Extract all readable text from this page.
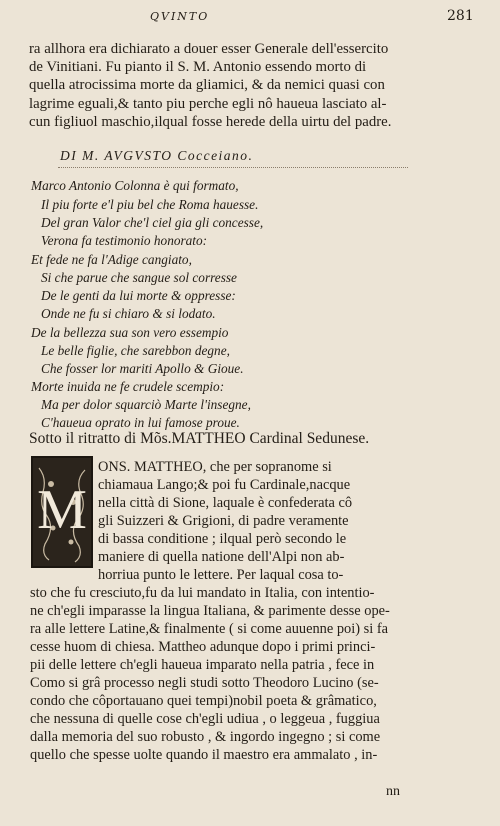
QVINTO	281
ra allhora era dichiarato a douer esser Generale dell'essercito
de Vinitiani. Fu pianto il S. M. Antonio essendo morto di
quella atrocissima morte da gliamici, & da nemici quasi con
lagrime eguali,& tanto piu perche egli nô haueua lasciato al-
cun figliuol maschio,ilqual fosse herede della uirtu del padre.
DI M. AVGVSTO Cocceiano.
Marco Antonio Colonna è qui formato,
Il piu forte e'l piu bel che Roma hauesse.
Del gran Valor che'l ciel gia gli concesse,
Verona fa testimonio honorato:
Et fede ne fa l'Adige cangiato,
Si che parue che sangue sol corresse
De le genti da lui morte & oppresse:
Onde ne fu si chiaro & si lodato.
De la bellezza sua son vero essempio
Le belle figlie, che sarebbon degne,
Che fosser lor mariti Apollo & Gioue.
Morte inuida ne fe crudele scempio:
Ma per dolor squarciò Marte l'insegne,
C'haueua oprato in lui famose proue.
Sotto il ritratto di Mõs.MATTHEO Cardinal Sedunese.
M
ONS. MATTHEO, che per sopranome si
chiamaua Lango;& poi fu Cardinale,nacque
nella città di Sione, laquale è confederata cô
gli Suizzeri & Grigioni, di padre veramente
di bassa conditione ; ilqual però secondo le
maniere di quella natione dell'Alpi non ab-
horriua punto le lettere. Per laqual cosa to-
sto che fu cresciuto,fu da lui mandato in Italia, con intentio-
ne ch'egli imparasse la lingua Italiana, & parimente desse ope-
ra alle lettere Latine,& finalmente ( si come auuenne poi) si fa
cesse huom di chiesa. Mattheo adunque dopo i primi princi-
pii delle lettere ch'egli haueua imparato nella patria , fece in
Como si grâ processo negli studi sotto Theodoro Lucino (se-
condo che côportauano quei tempi)nobil poeta & grâmatico,
che nessuna di quelle cose ch'egli udiua , o leggeua , fuggiua
dalla memoria del suo robusto , & ingordo ingegno ; si come
quello che spesse uolte quando il maestro era ammalato , in-
nn
